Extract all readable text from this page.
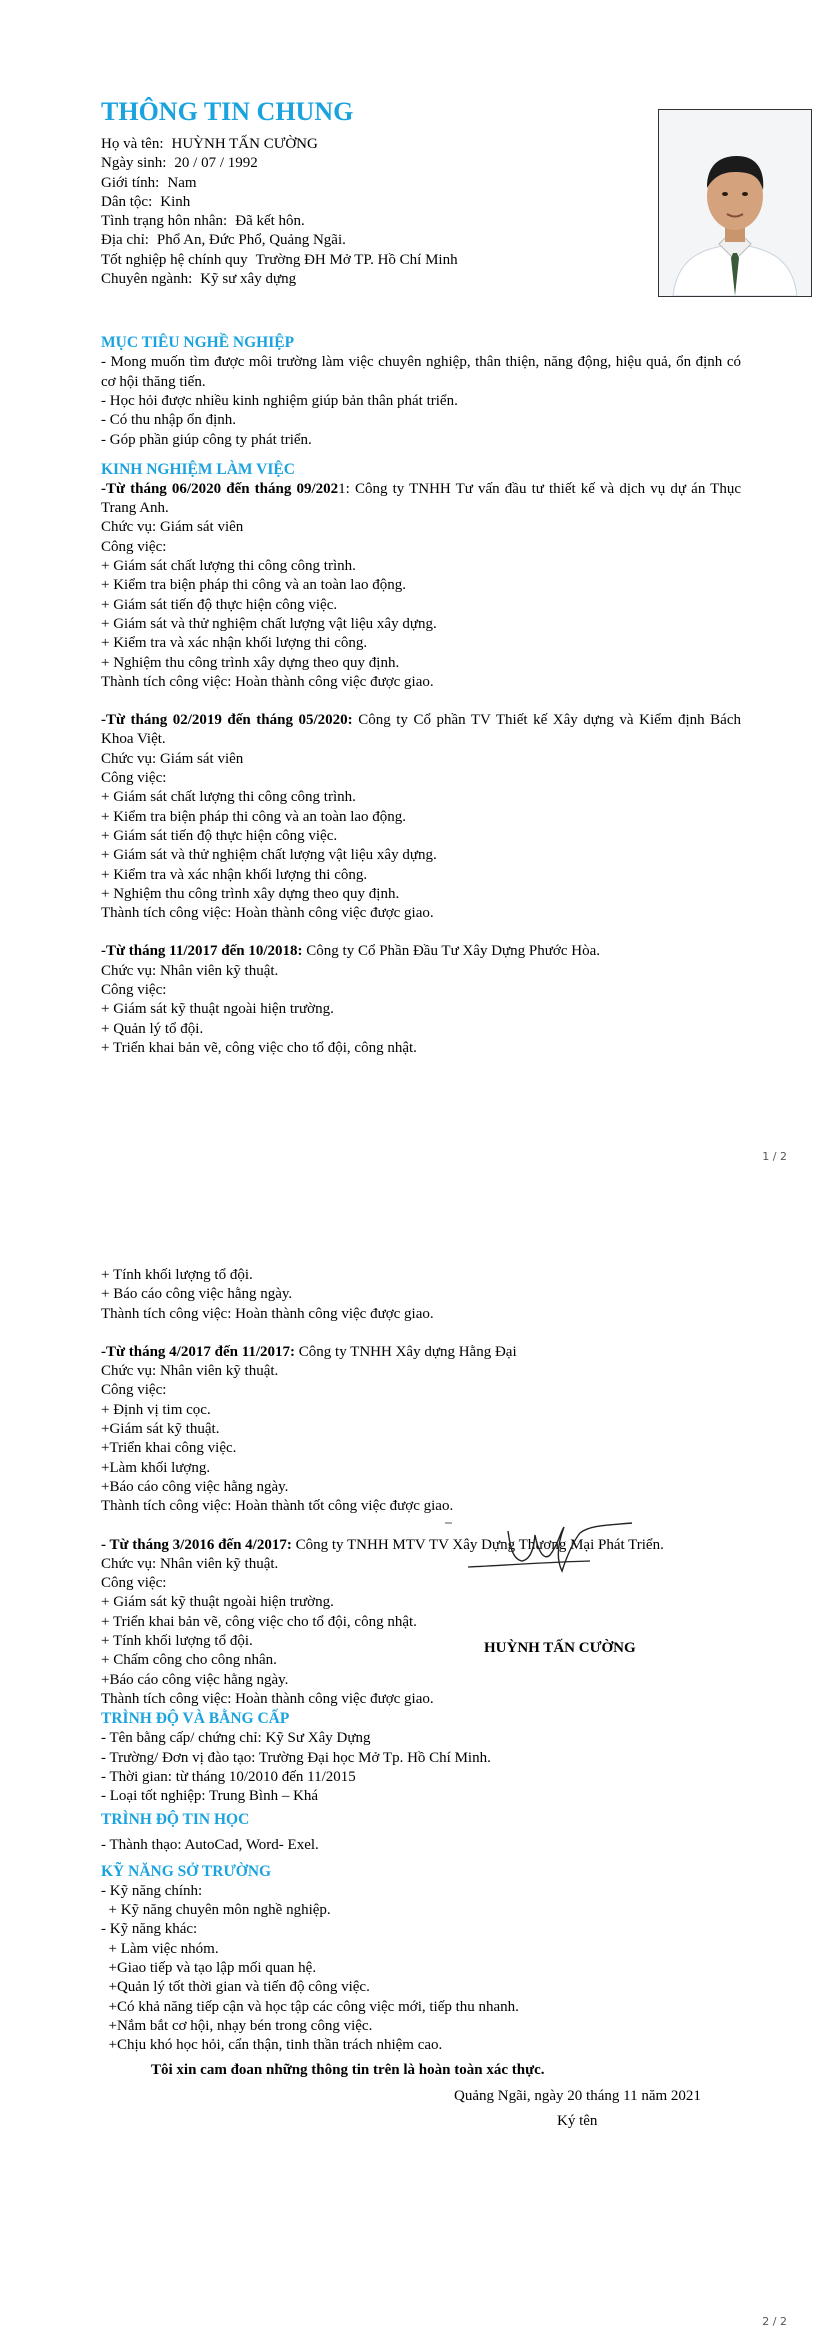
THÔNG TIN CHUNG
Họ và tên: HUỲNH TẤN CƯỜNG
Ngày sinh: 20 / 07 / 1992
Giới tính: Nam
Dân tộc: Kinh
Tình trạng hôn nhân: Đã kết hôn.
Địa chỉ: Phổ An, Đức Phổ, Quảng Ngãi.
Tốt nghiệp hệ chính quy Trường ĐH Mở TP. Hồ Chí Minh
Chuyên ngành: Kỹ sư xây dựng
MỤC TIÊU NGHỀ NGHIỆP
- Mong muốn tìm được môi trường làm việc chuyên nghiệp, thân thiện, năng động, hiệu quả, ổn định có cơ hội thăng tiến.
- Học hỏi được nhiều kinh nghiệm giúp bản thân phát triển.
- Có thu nhập ổn định.
- Góp phần giúp công ty phát triển.
KINH NGHIỆM LÀM VIỆC
-Từ tháng 06/2020 đến tháng 09/2021: Công ty TNHH Tư vấn đầu tư thiết kế và dịch vụ dự án Thục Trang Anh.
Chức vụ: Giám sát viên
Công việc:
+ Giám sát chất lượng thi công công trình.
+ Kiểm tra biện pháp thi công và an toàn lao động.
+ Giám sát tiến độ thực hiện công việc.
+ Giám sát và thử nghiệm chất lượng vật liệu xây dựng.
+ Kiểm tra và xác nhận khối lượng thi công.
+ Nghiệm thu công trình xây dựng theo quy định.
Thành tích công việc: Hoàn thành công việc được giao.
-Từ tháng 02/2019 đến tháng 05/2020: Công ty Cổ phần TV Thiết kế Xây dựng và Kiểm định Bách Khoa Việt.
Chức vụ: Giám sát viên
Công việc:
+ Giám sát chất lượng thi công công trình.
+ Kiểm tra biện pháp thi công và an toàn lao động.
+ Giám sát tiến độ thực hiện công việc.
+ Giám sát và thử nghiệm chất lượng vật liệu xây dựng.
+ Kiểm tra và xác nhận khối lượng thi công.
+ Nghiệm thu công trình xây dựng theo quy định.
Thành tích công việc: Hoàn thành công việc được giao.
-Từ tháng 11/2017 đến 10/2018: Công ty Cổ Phần Đầu Tư Xây Dựng Phước Hòa.
Chức vụ: Nhân viên kỹ thuật.
Công việc:
+ Giám sát kỹ thuật ngoài hiện trường.
+ Quản lý tổ đội.
+ Triển khai bản vẽ, công việc cho tổ đội, công nhật.
1 / 2
+ Tính khối lượng tổ đội.
+ Báo cáo công việc hằng ngày.
Thành tích công việc: Hoàn thành công việc được giao.
-Từ tháng 4/2017 đến 11/2017: Công ty TNHH Xây dựng Hằng Đại
Chức vụ: Nhân viên kỹ thuật.
Công việc:
+ Định vị tim cọc.
+Giám sát kỹ thuật.
+Triển khai công việc.
+Làm khối lượng.
+Báo cáo công việc hằng ngày.
Thành tích công việc: Hoàn thành tốt công việc được giao.
- Từ tháng 3/2016 đến 4/2017: Công ty TNHH MTV TV Xây Dựng Thương Mại Phát Triển.
Chức vụ: Nhân viên kỹ thuật.
Công việc:
+ Giám sát kỹ thuật ngoài hiện trường.
+ Triển khai bản vẽ, công việc cho tổ đội, công nhật.
+ Tính khối lượng tổ đội.
+ Chấm công cho công nhân.
+Báo cáo công việc hằng ngày.
Thành tích công việc: Hoàn thành công việc được giao.
TRÌNH ĐỘ VÀ BẰNG CẤP
- Tên bằng cấp/ chứng chỉ: Kỹ Sư Xây Dựng
- Trường/ Đơn vị đào tạo: Trường Đại học Mở Tp. Hồ Chí Minh.
- Thời gian: từ tháng 10/2010 đến 11/2015
- Loại tốt nghiệp: Trung Bình – Khá
TRÌNH ĐỘ TIN HỌC
- Thành thạo: AutoCad, Word- Exel.
KỸ NĂNG SỞ TRƯỜNG
- Kỹ năng chính:
+ Kỹ năng chuyên môn nghề nghiệp.
- Kỹ năng khác:
+ Làm việc nhóm.
+Giao tiếp và tạo lập mối quan hệ.
+Quản lý tốt thời gian và tiến độ công việc.
+Có khả năng tiếp cận và học tập các công việc mới, tiếp thu nhanh.
+Nắm bắt cơ hội, nhạy bén trong công việc.
+Chịu khó học hỏi, cẩn thận, tinh thần trách nhiệm cao.
Tôi xin cam đoan những thông tin trên là hoàn toàn xác thực.
Quảng Ngãi, ngày 20 tháng 11 năm 2021
Ký tên
HUỲNH TẤN CƯỜNG
2 / 2
